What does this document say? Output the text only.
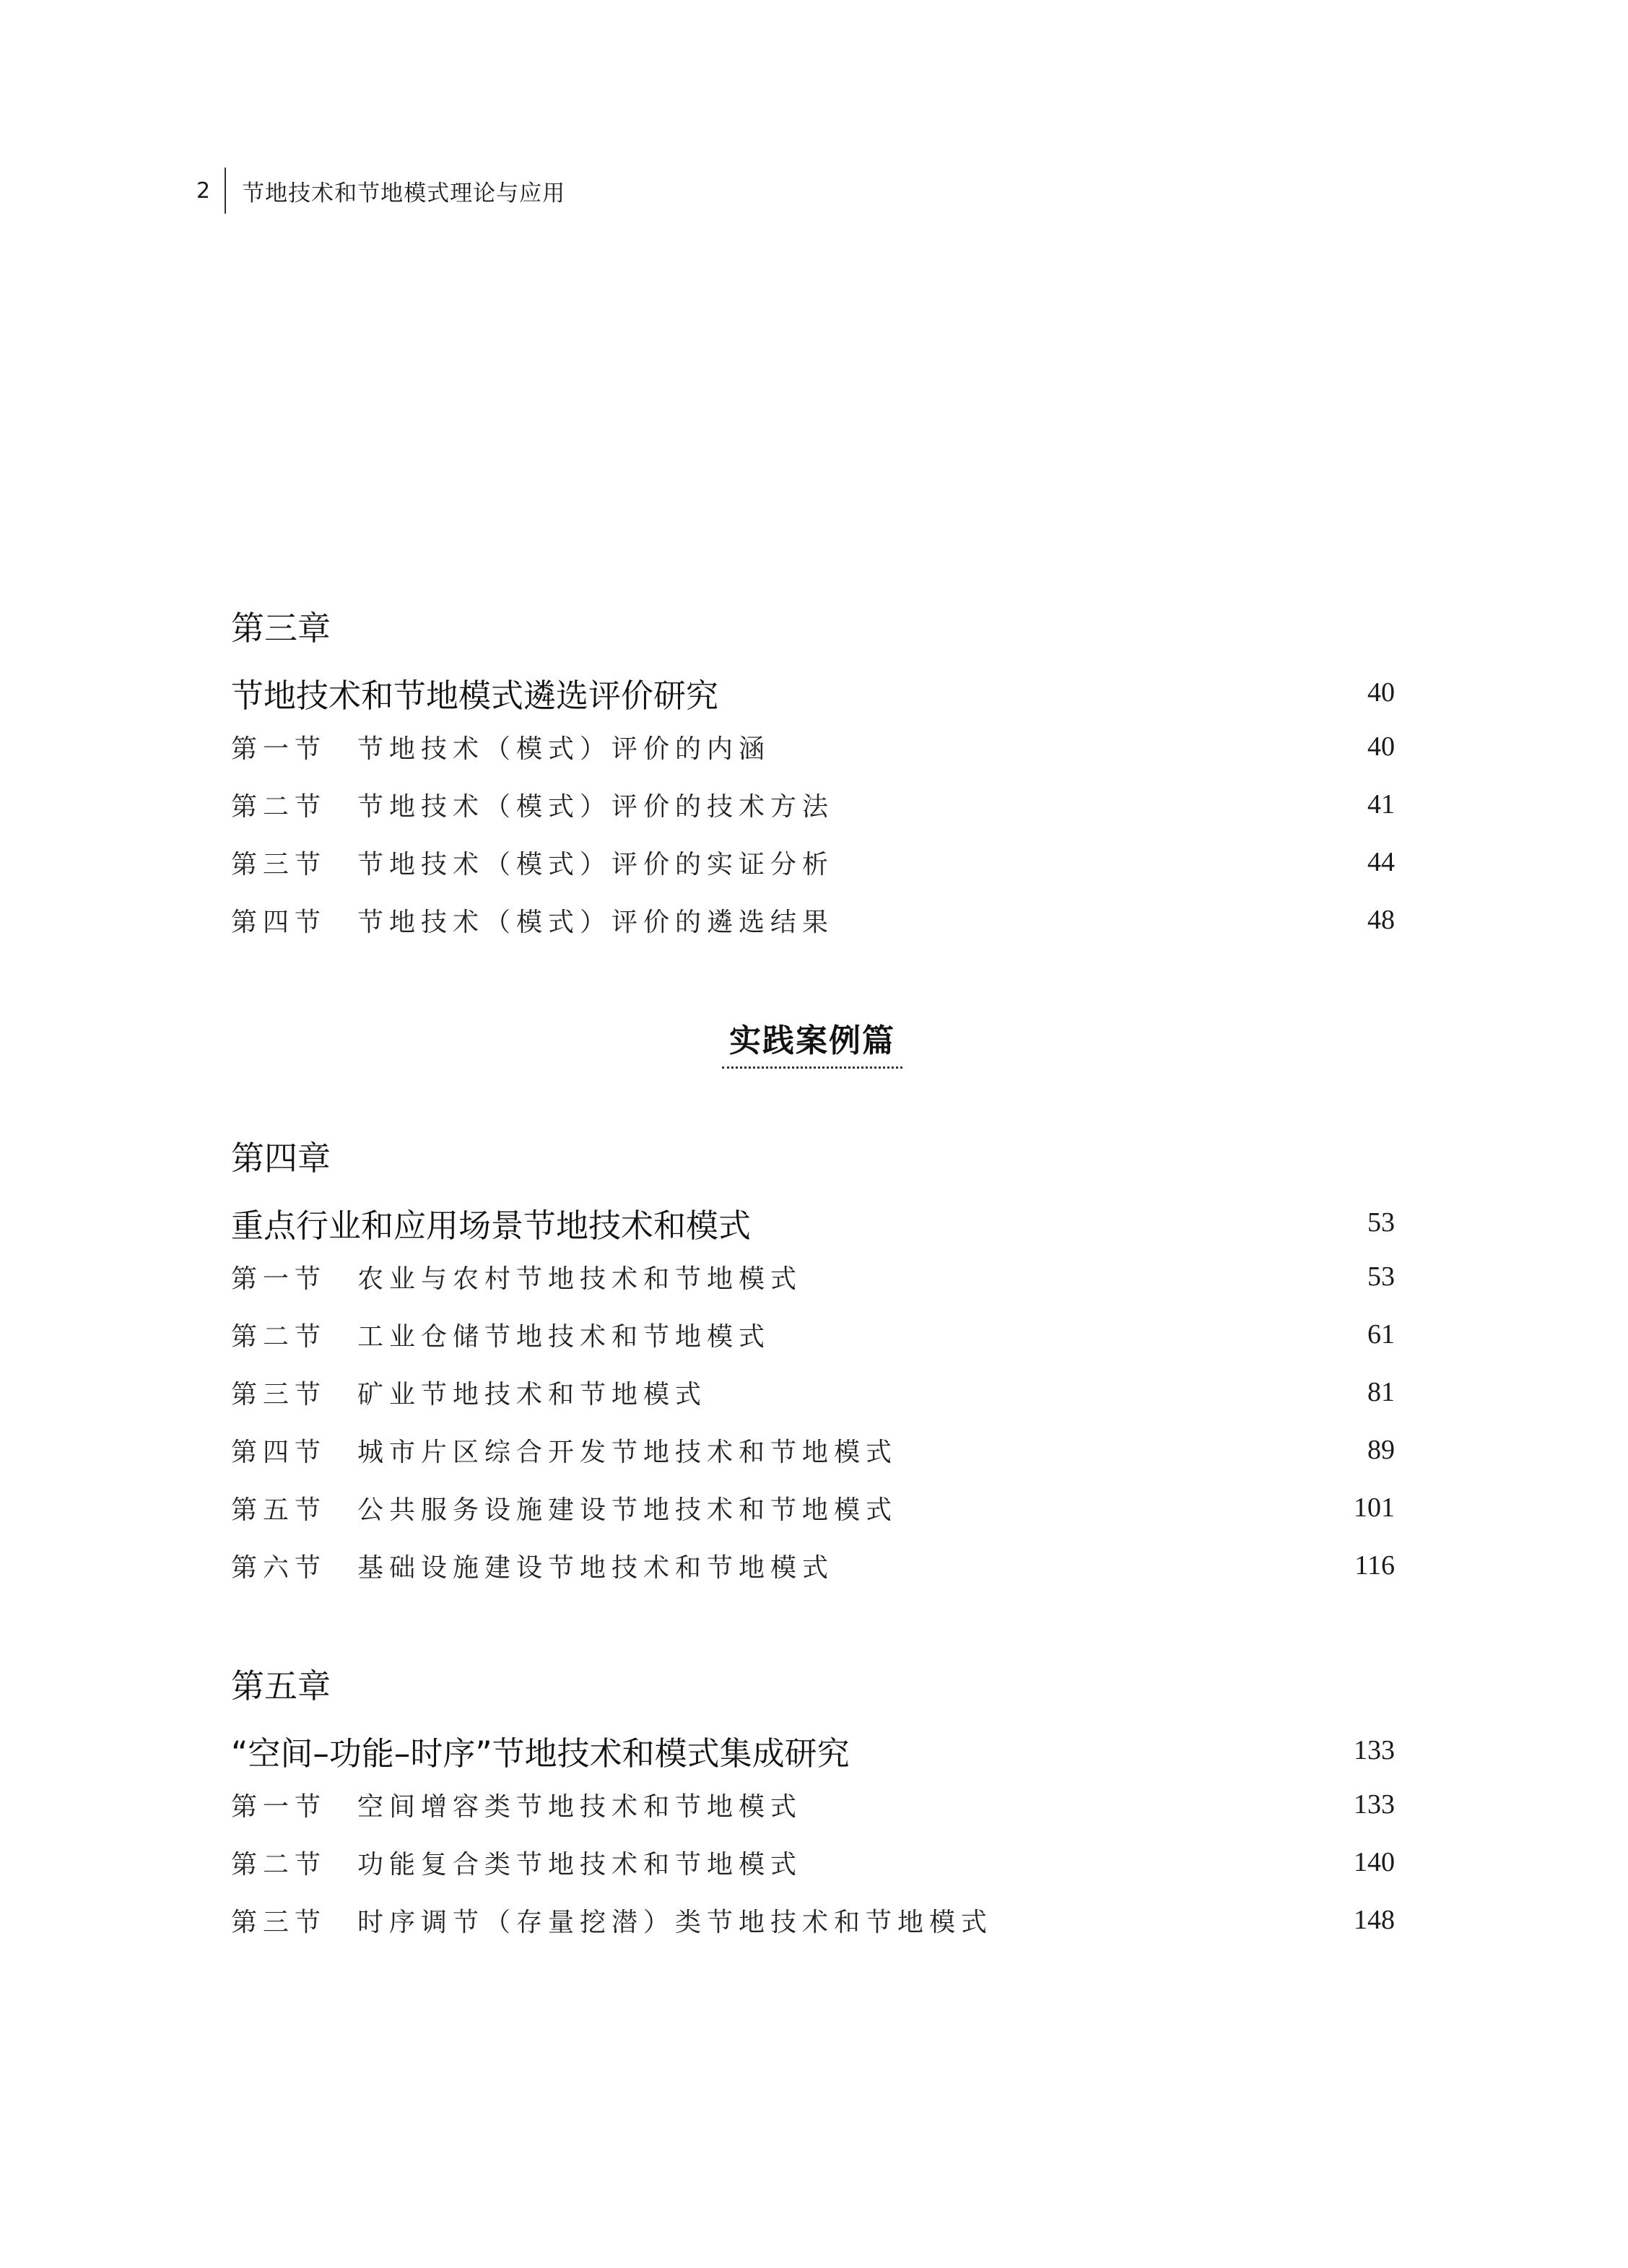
2 节地技术和节地模式理论与应用
第三章
节地技术和节地模式遴选评价研究	40
第一节	节地技术（模式）评价的内涵	40
第二节	节地技术（模式）评价的技术方法	41
第三节	节地技术（模式）评价的实证分析	44
第四节	节地技术（模式）评价的遴选结果	48
实践案例篇
第四章
重点行业和应用场景节地技术和模式	53
第一节	农业与农村节地技术和节地模式	53
第二节	工业仓储节地技术和节地模式	61
第三节	矿业节地技术和节地模式	81
第四节	城市片区综合开发节地技术和节地模式	89
第五节	公共服务设施建设节地技术和节地模式	101
第六节	基础设施建设节地技术和节地模式	116
第五章
“空间–功能–时序”节地技术和模式集成研究	133
第一节	空间增容类节地技术和节地模式	133
第二节	功能复合类节地技术和节地模式	140
第三节	时序调节（存量挖潜）类节地技术和节地模式	148
